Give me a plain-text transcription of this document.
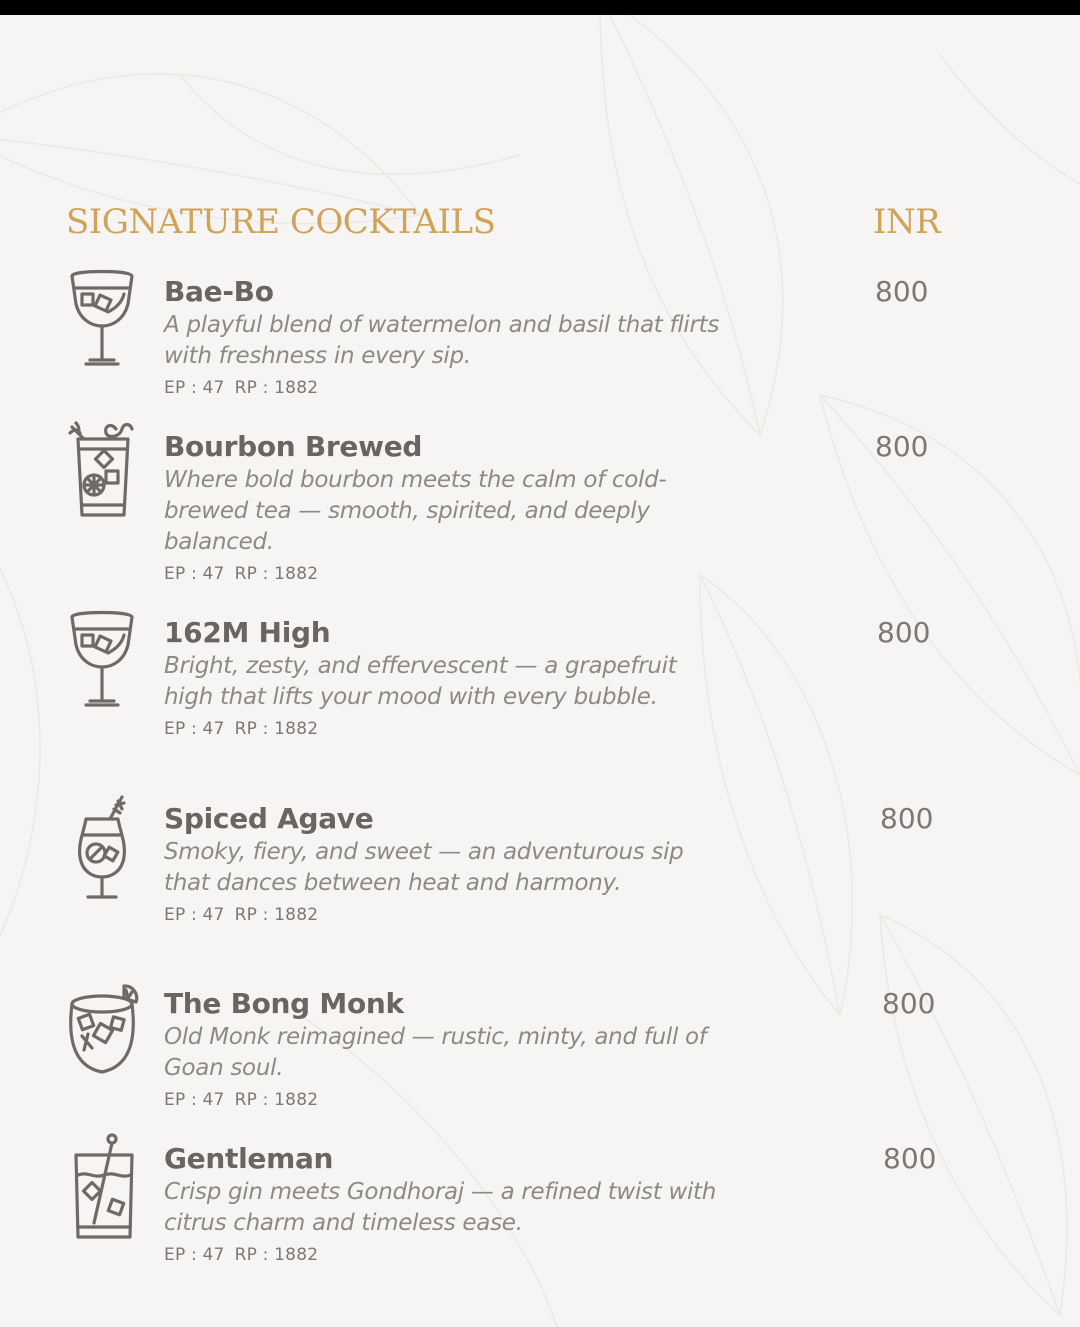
SIGNATURE COCKTAILS	INR

Bae-Bo

A playful blend of watermelon and basil that flirts with freshness in every sip.

EP : 47 RP : 1882
800

Bourbon Brewed

Where bold bourbon meets the calm of cold-brewed tea — smooth, spirited, and deeply balanced.

EP : 47 RP : 1882
800

162M High

Bright, zesty, and effervescent — a grapefruit high that lifts your mood with every bubble.

EP : 47 RP : 1882
800

Spiced Agave

Smoky, fiery, and sweet — an adventurous sip that dances between heat and harmony.

EP : 47 RP : 1882
800

The Bong Monk

Old Monk reimagined — rustic, minty, and full of Goan soul.

EP : 47 RP : 1882
800

Gentleman

Crisp gin meets Gondhoraj — a refined twist with citrus charm and timeless ease.

EP : 47 RP : 1882
800
